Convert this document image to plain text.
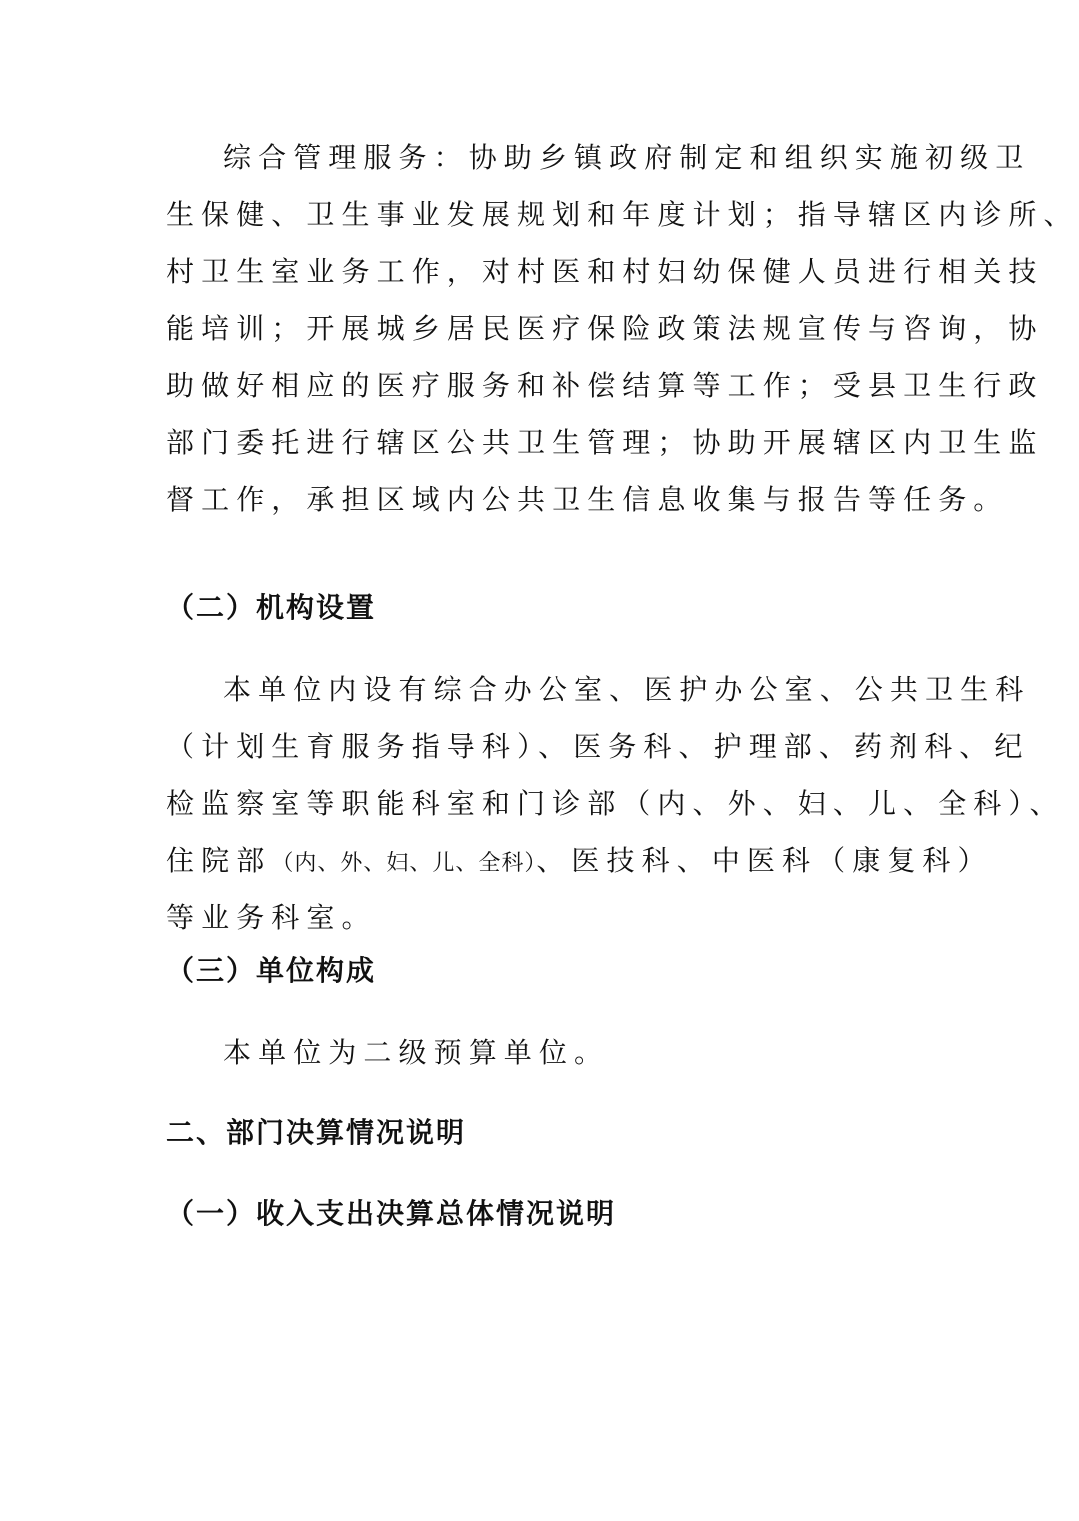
综合管理服务：协助乡镇政府制定和组织实施初级卫
生保健、卫生事业发展规划和年度计划；指导辖区内诊所、
村卫生室业务工作，对村医和村妇幼保健人员进行相关技
能培训；开展城乡居民医疗保险政策法规宣传与咨询，协
助做好相应的医疗服务和补偿结算等工作；受县卫生行政
部门委托进行辖区公共卫生管理；协助开展辖区内卫生监
督工作，承担区域内公共卫生信息收集与报告等任务。
（二）机构设置
本单位内设有综合办公室、医护办公室、公共卫生科
（计划生育服务指导科）、医务科、护理部、药剂科、纪
检监察室等职能科室和门诊部（内、外、妇、儿、全科）、
住院部（内、外、妇、儿、全科）、医技科、中医科（康复科）
等业务科室。
（三）单位构成
本单位为二级预算单位。
二、部门决算情况说明
（一）收入支出决算总体情况说明
